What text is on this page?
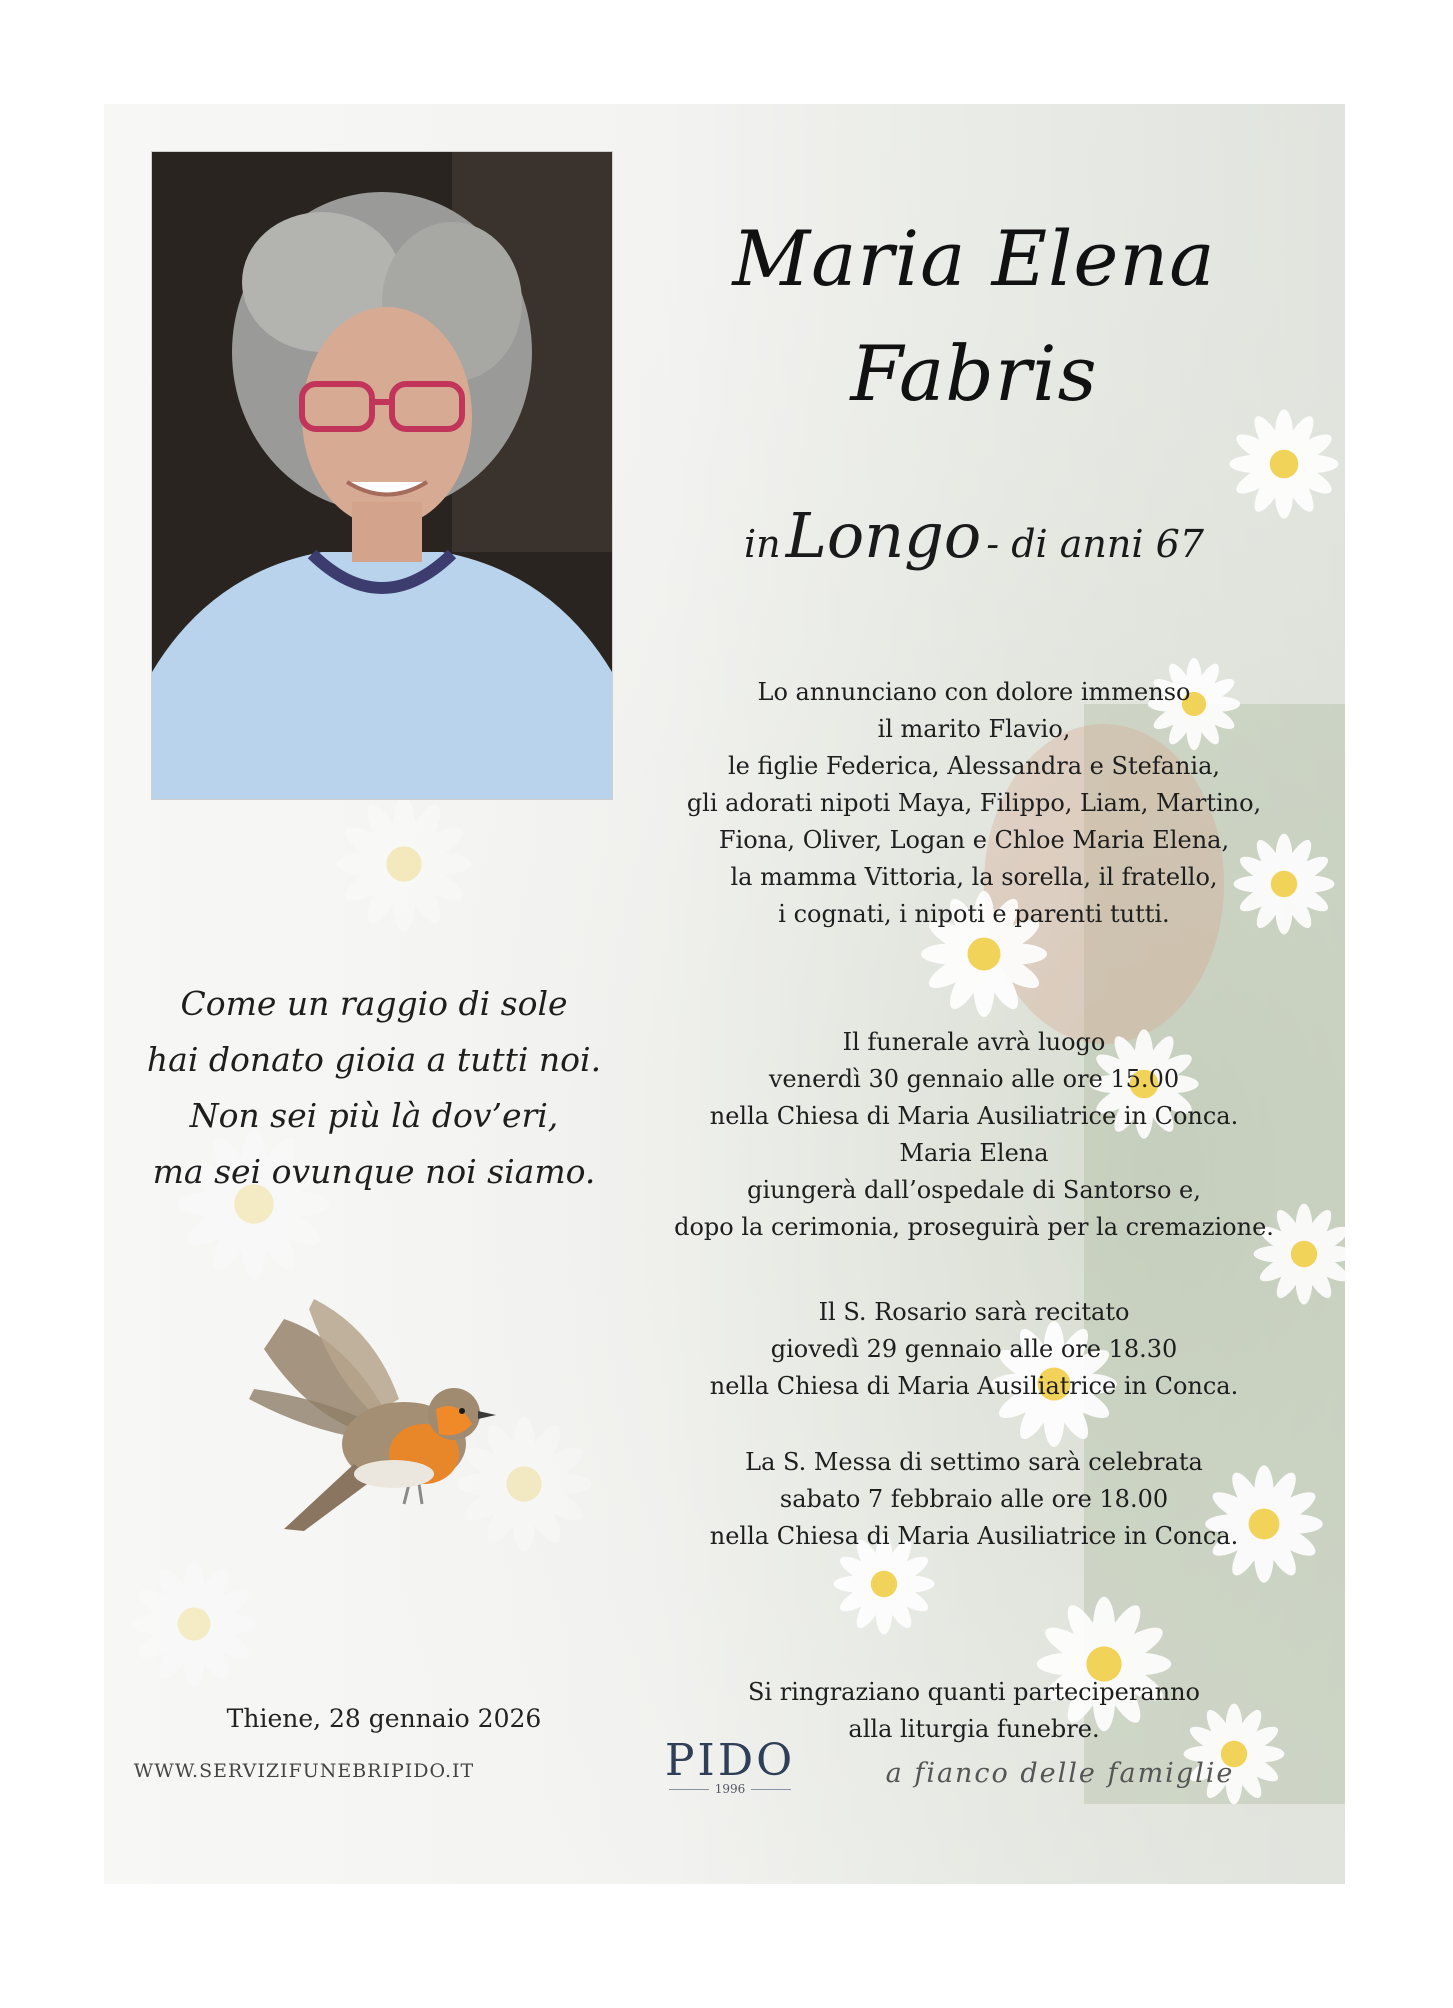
Maria Elena
Fabris
in Longo - di anni 67
Lo annunciano con dolore immenso
il marito Flavio,
le figlie Federica, Alessandra e Stefania,
gli adorati nipoti Maya, Filippo, Liam, Martino,
Fiona, Oliver, Logan e Chloe Maria Elena,
la mamma Vittoria, la sorella, il fratello,
i cognati, i nipoti e parenti tutti.
Il funerale avrà luogo
venerdì 30 gennaio alle ore 15.00
nella Chiesa di Maria Ausiliatrice in Conca.
Maria Elena
giungerà dall’ospedale di Santorso e,
dopo la cerimonia, proseguirà per la cremazione.
Il S. Rosario sarà recitato
giovedì 29 gennaio alle ore 18.30
nella Chiesa di Maria Ausiliatrice in Conca.
La S. Messa di settimo sarà celebrata
sabato 7 febbraio alle ore 18.00
nella Chiesa di Maria Ausiliatrice in Conca.
Si ringraziano quanti parteciperanno
alla liturgia funebre.
Come un raggio di sole
hai donato gioia a tutti noi.
Non sei più là dov’eri,
ma sei ovunque noi siamo.
Thiene, 28 gennaio 2026
WWW.SERVIZIFUNEBRIPIDO.IT	PIDO
1996	a fianco delle famiglie
